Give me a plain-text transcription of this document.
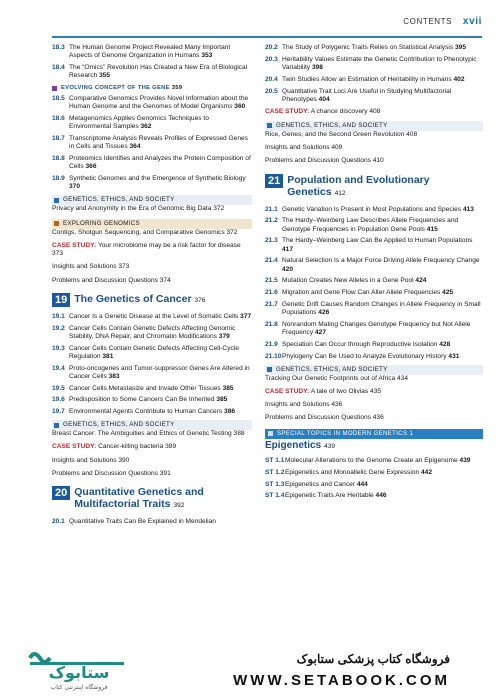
CONTENTS xvii
18.3 The Human Genome Project Revealed Many Important Aspects of Genome Organization in Humans 353
18.4 The “Omics” Revolution Has Created a New Era of Biological Research 355
EVOLVING CONCEPT OF THE GENE
359
18.5 Comparative Genomics Provides Novel Information about the Human Genome and the Genomes of Model Organisms 360
18.6 Metagenomics Applies Genomics Techniques to Environmental Samples 362
18.7 Transcriptome Analysis Reveals Profiles of Expressed Genes in Cells and Tissues 364
18.8 Proteomics Identifies and Analyzes the Protein Composition of Cells 366
18.9 Synthetic Genomes and the Emergence of Synthetic Biology 370
GENETICS, ETHICS, AND SOCIETY
Privacy and Anonymity in the Era of Genomic Big Data 372
EXPLORING GENOMICS
Contigs, Shotgun Sequencing, and Comparative Genomics 372
CASE STUDY: Your microbiome may be a risk factor for disease 373
Insights and Solutions 373
Problems and Discussion Questions 374
19 The Genetics of Cancer 376
19.1 Cancer Is a Genetic Disease at the Level of Somatic Cells 377
19.2 Cancer Cells Contain Genetic Defects Affecting Genomic Stability, DNA Repair, and Chromatin Modifications 379
19.3 Cancer Cells Contain Genetic Defects Affecting Cell-Cycle Regulation 381
19.4 Proto-oncogenes and Tumor-suppressor Genes Are Altered in Cancer Cells 383
19.5 Cancer Cells Metastasize and Invade Other Tissues 385
19.6 Predisposition to Some Cancers Can Be Inherited 385
19.7 Environmental Agents Contribute to Human Cancers 386
GENETICS, ETHICS, AND SOCIETY
Breast Cancer: The Ambiguities and Ethics of Genetic Testing 388
CASE STUDY: Cancer-killing bacteria 389
Insights and Solutions 390
Problems and Discussion Questions 391
20 Quantitative Genetics and Multifactorial Traits 392
20.1 Quantitative Traits Can Be Explained in Mendelian
20.2 The Study of Polygenic Traits Relies on Statistical Analysis 395
20.3 Heritability Values Estimate the Genetic Contribution to Phenotypic Variability 398
20.4 Twin Studies Allow an Estimation of Heritability in Humans 402
20.5 Quantitative Trait Loci Are Useful in Studying Multifactorial Phenotypes 404
CASE STUDY: A chance discovery 408
GENETICS, ETHICS, AND SOCIETY
Rice, Genes, and the Second Green Revolution 408
Insights and Solutions 409
Problems and Discussion Questions 410
21 Population and Evolutionary Genetics 412
21.1 Genetic Variation Is Present in Most Populations and Species 413
21.2 The Hardy–Weinberg Law Describes Allele Frequencies and Genotype Frequencies in Population Gene Pools 415
21.3 The Hardy–Weinberg Law Can Be Applied to Human Populations 417
21.4 Natural Selection Is a Major Force Driving Allele Frequency Change 420
21.5 Mutation Creates New Alleles in a Gene Pool 424
21.6 Migration and Gene Flow Can Alter Allele Frequencies 425
21.7 Genetic Drift Causes Random Changes in Allele Frequency in Small Populations 426
21.8 Nonrandom Mating Changes Genotype Frequency but Not Allele Frequency 427
21.9 Speciation Can Occur through Reproductive Isolation 428
21.10 Phylogeny Can Be Used to Analyze Evolutionary History 431
GENETICS, ETHICS, AND SOCIETY
Tracking Our Genetic Footprints out of Africa 434
CASE STUDY: A tale of two Olivias 435
Insights and Solutions 436
Problems and Discussion Questions 436
SPECIAL TOPICS IN MODERN GENETICS 1
Epigenetics 439
ST 1.1 Molecular Alterations to the Genome Create an Epigenome 439
ST 1.2 Epigenetics and Monoallelic Gene Expression 442
ST 1.3 Epigenetics and Cancer 444
ST 1.4 Epigenetic Traits Are Heritable 446
ستابوک
فروشگاه اینترنتی کتاب
فروشگاه کتاب پزشکی ستابوک
WWW.SETABOOK.COM
